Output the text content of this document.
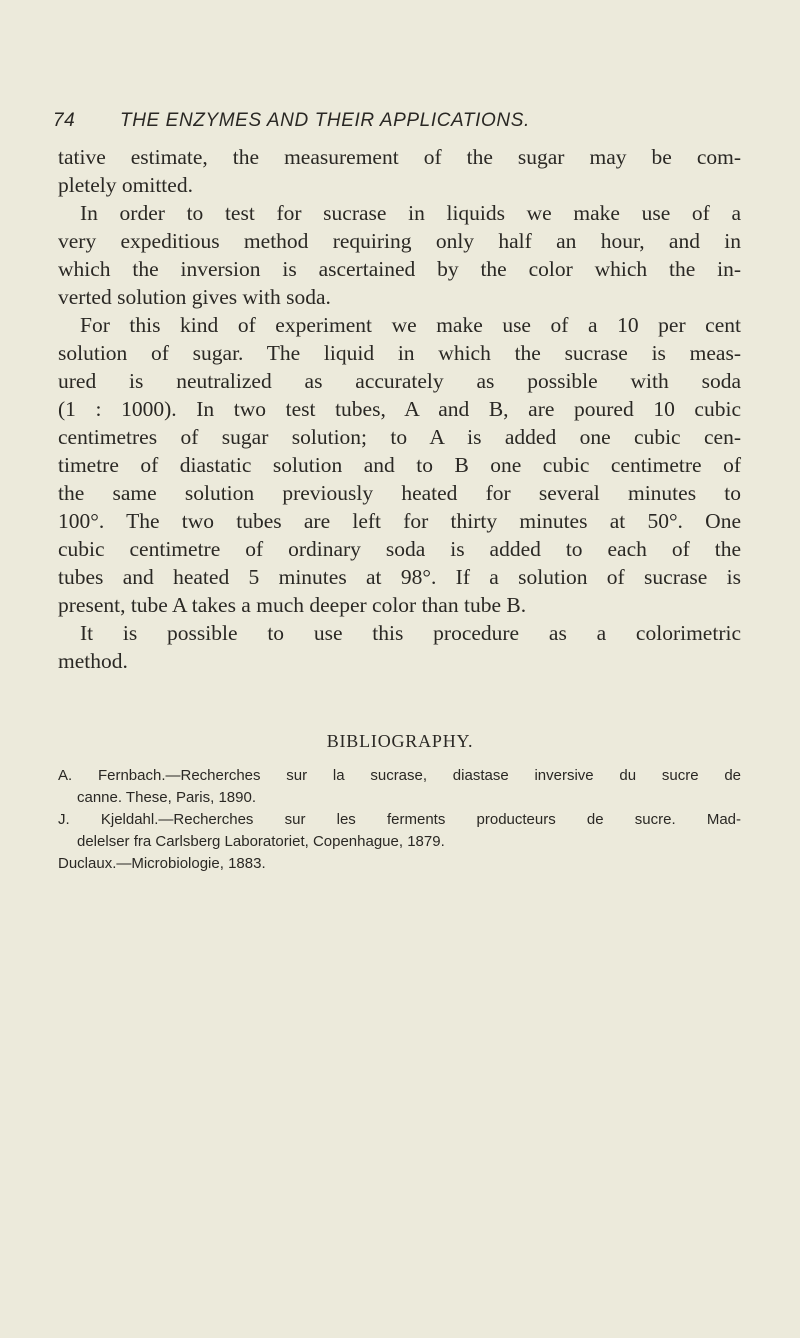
74 THE ENZYMES AND THEIR APPLICATIONS.
tative estimate, the measurement of the sugar may be com-
pletely omitted.
In order to test for sucrase in liquids we make use of a
very expeditious method requiring only half an hour, and in
which the inversion is ascertained by the color which the in-
verted solution gives with soda.
For this kind of experiment we make use of a 10 per cent
solution of sugar. The liquid in which the sucrase is meas-
ured is neutralized as accurately as possible with soda
(1 : 1000). In two test tubes, A and B, are poured 10 cubic
centimetres of sugar solution; to A is added one cubic cen-
timetre of diastatic solution and to B one cubic centimetre of
the same solution previously heated for several minutes to
100°. The two tubes are left for thirty minutes at 50°. One
cubic centimetre of ordinary soda is added to each of the
tubes and heated 5 minutes at 98°. If a solution of sucrase is
present, tube A takes a much deeper color than tube B.
It is possible to use this procedure as a colorimetric
method.
BIBLIOGRAPHY.
A. Fernbach.—Recherches sur la sucrase, diastase inversive du sucre de
canne. These, Paris, 1890.
J. Kjeldahl.—Recherches sur les ferments producteurs de sucre. Mad-
delelser fra Carlsberg Laboratoriet, Copenhague, 1879.
Duclaux.—Microbiologie, 1883.
